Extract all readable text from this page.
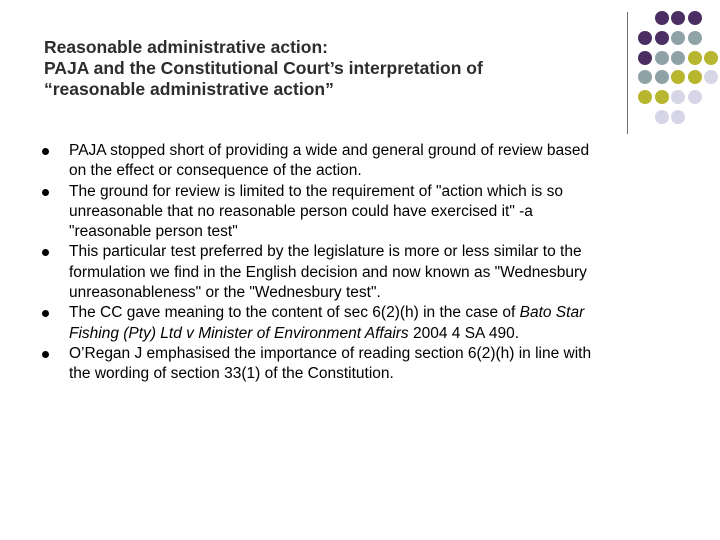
Reasonable administrative action:
PAJA and the Constitutional Court’s interpretation of
“reasonable administrative action”
PAJA stopped short of providing a wide and general ground of review based
on the effect or consequence of the action.
The ground for review is limited to the requirement of "action which is so
unreasonable that no reasonable person could have exercised it" -a
"reasonable person test"
This particular test preferred by the legislature is more or less similar to the
formulation we find in the English decision and now known as "Wednesbury
unreasonableness" or the "Wednesbury test".
The CC gave meaning to the content of sec 6(2)(h) in the case of Bato Star
Fishing (Pty) Ltd v Minister of Environment Affairs 2004 4 SA 490.
O’Regan J emphasised the importance of reading section 6(2)(h) in line with
the wording of section 33(1) of the Constitution.
